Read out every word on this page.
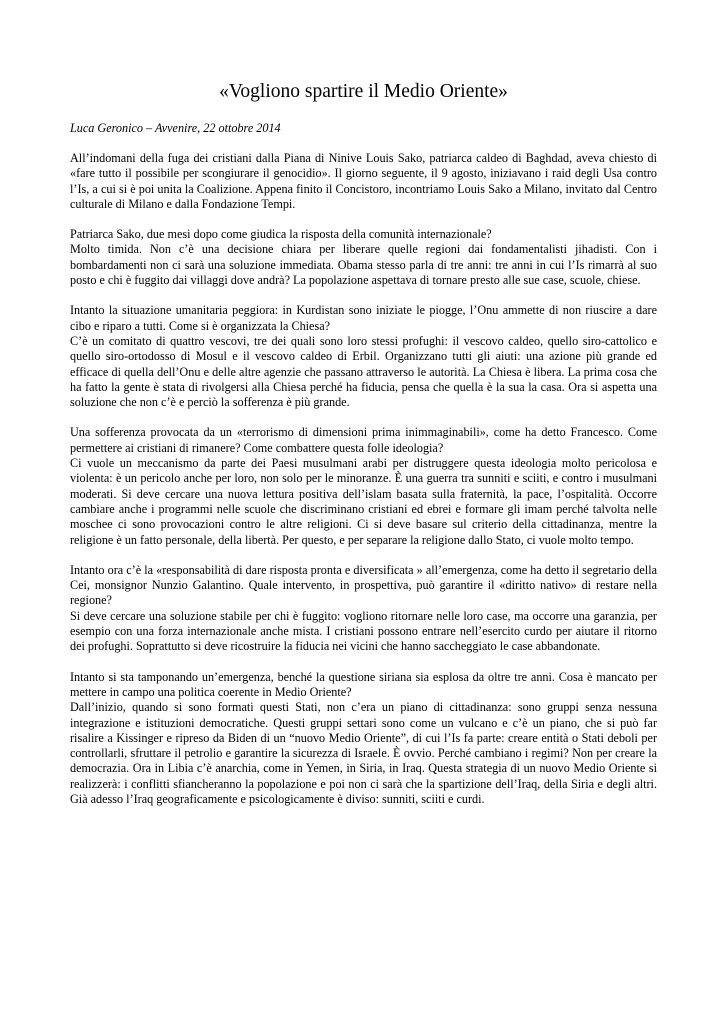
«Vogliono spartire il Medio Oriente»

Luca Geronico – Avvenire, 22 ottobre 2014

All’indomani della fuga dei cristiani dalla Piana di Ninive Louis Sako, patriarca caldeo di Baghdad, aveva chiesto di «fare tutto il possibile per scongiurare il genocidio». Il giorno seguente, il 9 agosto, iniziavano i raid degli Usa contro l’Is, a cui si è poi unita la Coalizione. Appena finito il Concistoro, incontriamo Louis Sako a Milano, invitato dal Centro culturale di Milano e dalla Fondazione Tempi.

Patriarca Sako, due mesi dopo come giudica la risposta della comunità internazionale?
Molto timida. Non c’è una decisione chiara per liberare quelle regioni dai fondamentalisti jihadisti. Con i bombardamenti non ci sarà una soluzione immediata. Obama stesso parla di tre anni: tre anni in cui l’Is rimarrà al suo posto e chi è fuggito dai villaggi dove andrà? La popolazione aspettava di tornare presto alle sue case, scuole, chiese.

Intanto la situazione umanitaria peggiora: in Kurdistan sono iniziate le piogge, l’Onu ammette di non riuscire a dare cibo e riparo a tutti. Come si è organizzata la Chiesa?
C’è un comitato di quattro vescovi, tre dei quali sono loro stessi profughi: il vescovo caldeo, quello siro-cattolico e quello siro-ortodosso di Mosul e il vescovo caldeo di Erbil. Organizzano tutti gli aiuti: una azione più grande ed efficace di quella dell’Onu e delle altre agenzie che passano attraverso le autorità. La Chiesa è libera. La prima cosa che ha fatto la gente è stata di rivolgersi alla Chiesa perché ha fiducia, pensa che quella è la sua la casa. Ora si aspetta una soluzione che non c’è e perciò la sofferenza è più grande.

Una sofferenza provocata da un «terrorismo di dimensioni prima inimmaginabili», come ha detto Francesco. Come permettere ai cristiani di rimanere? Come combattere questa folle ideologia?
Ci vuole un meccanismo da parte dei Paesi musulmani arabi per distruggere questa ideologia molto pericolosa e violenta: è un pericolo anche per loro, non solo per le minoranze. È una guerra tra sunniti e sciiti, e contro i musulmani moderati. Si deve cercare una nuova lettura positiva dell’islam basata sulla fraternità, la pace, l’ospitalità. Occorre cambiare anche i programmi nelle scuole che discriminano cristiani ed ebrei e formare gli imam perché talvolta nelle moschee ci sono provocazioni contro le altre religioni. Ci si deve basare sul criterio della cittadinanza, mentre la religione è un fatto personale, della libertà. Per questo, e per separare la religione dallo Stato, ci vuole molto tempo.

Intanto ora c’è la «responsabilità di dare risposta pronta e diversificata » all’emergenza, come ha detto il segretario della Cei, monsignor Nunzio Galantino. Quale intervento, in prospettiva, può garantire il «diritto nativo» di restare nella regione?
Si deve cercare una soluzione stabile per chi è fuggito: vogliono ritornare nelle loro case, ma occorre una garanzia, per esempio con una forza internazionale anche mista. I cristiani possono entrare nell’esercito curdo per aiutare il ritorno dei profughi. Soprattutto si deve ricostruire la fiducia nei vicini che hanno saccheggiato le case abbandonate.

Intanto si sta tamponando un’emergenza, benché la questione siriana sia esplosa da oltre tre anni. Cosa è mancato per mettere in campo una politica coerente in Medio Oriente?
Dall’inizio, quando si sono formati questi Stati, non c’era un piano di cittadinanza: sono gruppi senza nessuna integrazione e istituzioni democratiche. Questi gruppi settari sono come un vulcano e c’è un piano, che si può far risalire a Kissinger e ripreso da Biden di un “nuovo Medio Oriente”, di cui l’Is fa parte: creare entità o Stati deboli per controllarli, sfruttare il petrolio e garantire la sicurezza di Israele. È ovvio. Perché cambiano i regimi? Non per creare la democrazia. Ora in Libia c’è anarchia, come in Yemen, in Siria, in Iraq. Questa strategia di un nuovo Medio Oriente si realizzerà: i conflitti sfiancheranno la popolazione e poi non ci sarà che la spartizione dell’Iraq, della Siria e degli altri. Già adesso l’Iraq geograficamente e psicologicamente è diviso: sunniti, sciiti e curdi.
